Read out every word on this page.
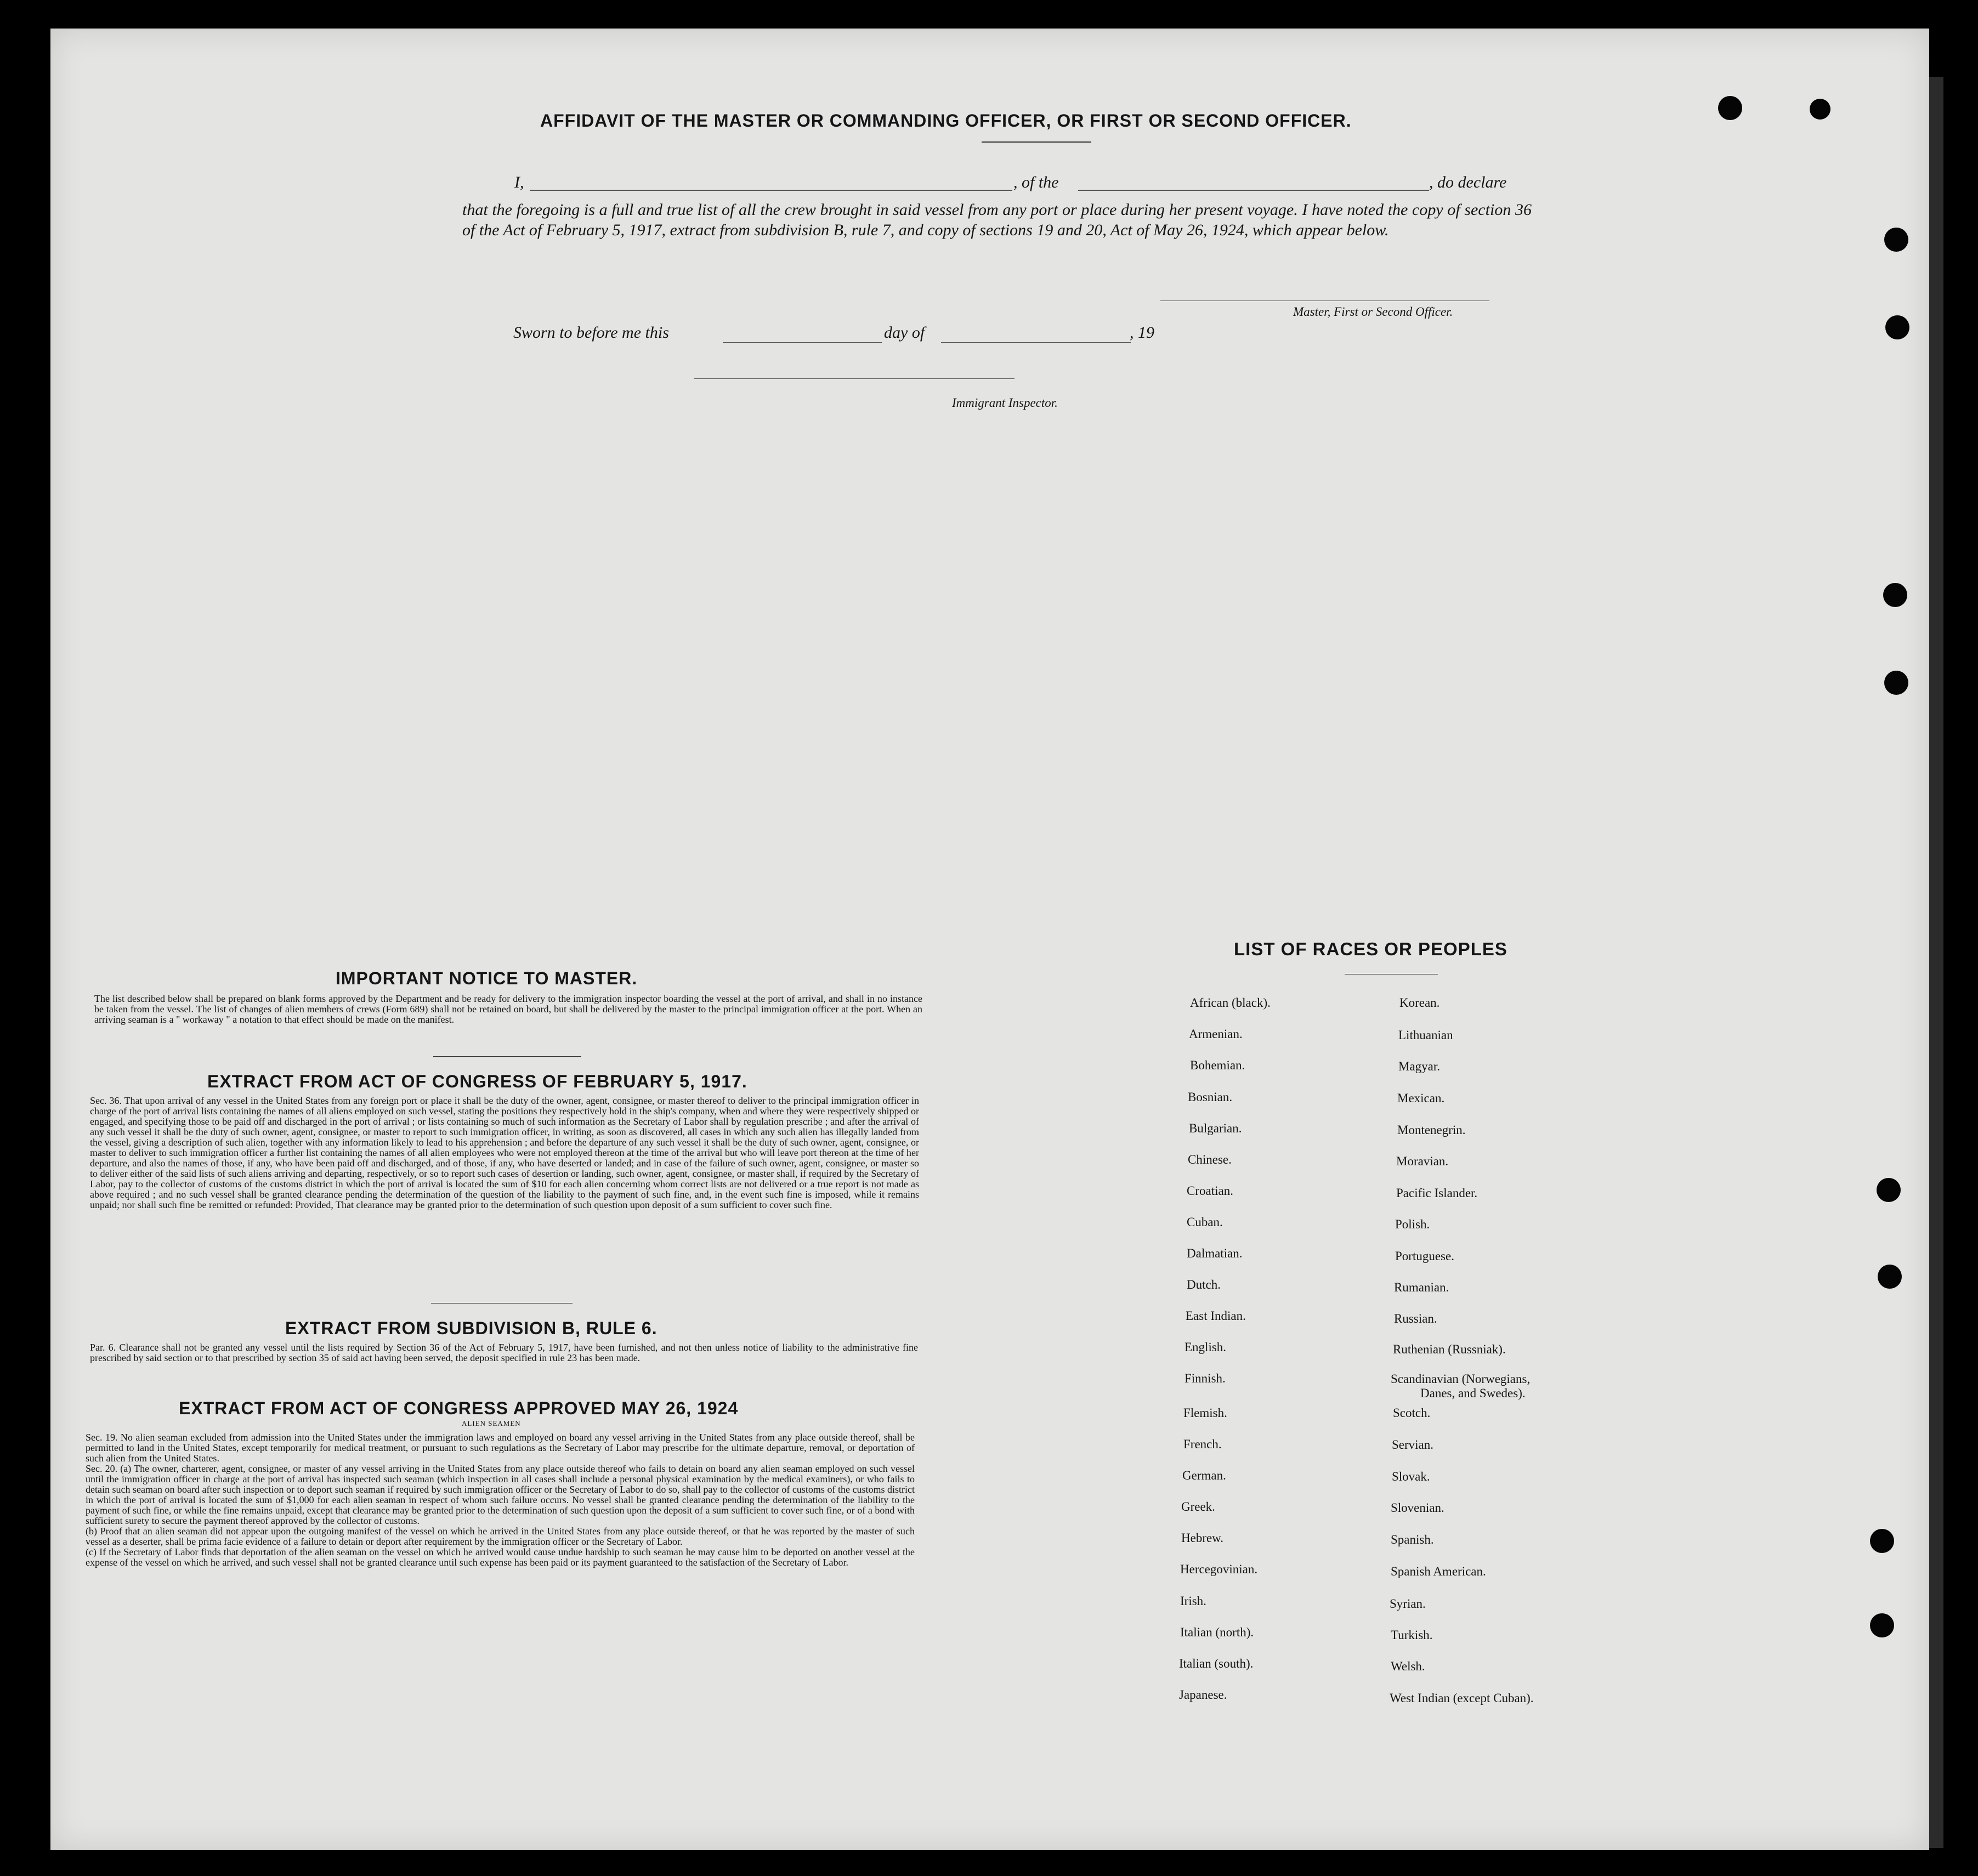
AFFIDAVIT OF THE MASTER OR COMMANDING OFFICER, OR FIRST OR SECOND OFFICER.
I,	, of the	, do declare
that the foregoing is a full and true list of all the crew brought in said vessel from any port or place during her present voyage. I have noted the copy of section 36 of the Act of February 5, 1917, extract from subdivision B, rule 7, and copy of sections 19 and 20, Act of May 26, 1924, which appear below.
Master, First or Second Officer.
Sworn to before me this	day of	, 19
Immigrant Inspector.
IMPORTANT NOTICE TO MASTER.
The list described below shall be prepared on blank forms approved by the Department and be ready for delivery to the immigration inspector boarding the vessel at the port of arrival, and shall in no instance be taken from the vessel. The list of changes of alien members of crews (Form 689) shall not be retained on board, but shall be delivered by the master to the principal immigration officer at the port. When an arriving seaman is a " workaway " a notation to that effect should be made on the manifest.
EXTRACT FROM ACT OF CONGRESS OF FEBRUARY 5, 1917.
Sec. 36. That upon arrival of any vessel in the United States from any foreign port or place it shall be the duty of the owner, agent, consignee, or master thereof to deliver to the principal immigration officer in charge of the port of arrival lists containing the names of all aliens employed on such vessel, stating the positions they respectively hold in the ship's company, when and where they were respectively shipped or engaged, and specifying those to be paid off and discharged in the port of arrival ; or lists containing so much of such information as the Secretary of Labor shall by regulation prescribe ; and after the arrival of any such vessel it shall be the duty of such owner, agent, consignee, or master to report to such immigration officer, in writing, as soon as discovered, all cases in which any such alien has illegally landed from the vessel, giving a description of such alien, together with any information likely to lead to his apprehension ; and before the departure of any such vessel it shall be the duty of such owner, agent, consignee, or master to deliver to such immigration officer a further list containing the names of all alien employees who were not employed thereon at the time of the arrival but who will leave port thereon at the time of her departure, and also the names of those, if any, who have been paid off and discharged, and of those, if any, who have deserted or landed; and in case of the failure of such owner, agent, consignee, or master so to deliver either of the said lists of such aliens arriving and departing, respectively, or so to report such cases of desertion or landing, such owner, agent, consignee, or master shall, if required by the Secretary of Labor, pay to the collector of customs of the customs district in which the port of arrival is located the sum of $10 for each alien concerning whom correct lists are not delivered or a true report is not made as above required ; and no such vessel shall be granted clearance pending the determination of the question of the liability to the payment of such fine, and, in the event such fine is imposed, while it remains unpaid; nor shall such fine be remitted or refunded: Provided, That clearance may be granted prior to the determination of such question upon deposit of a sum sufficient to cover such fine.
EXTRACT FROM SUBDIVISION B, RULE 6.
Par. 6. Clearance shall not be granted any vessel until the lists required by Section 36 of the Act of February 5, 1917, have been furnished, and not then unless notice of liability to the administrative fine prescribed by said section or to that prescribed by section 35 of said act having been served, the deposit specified in rule 23 has been made.
EXTRACT FROM ACT OF CONGRESS APPROVED MAY 26, 1924
ALIEN SEAMEN
Sec. 19. No alien seaman excluded from admission into the United States under the immigration laws and employed on board any vessel arriving in the United States from any place outside thereof, shall be permitted to land in the United States, except temporarily for medical treatment, or pursuant to such regulations as the Secretary of Labor may prescribe for the ultimate departure, removal, or deportation of such alien from the United States.
Sec. 20. (a) The owner, charterer, agent, consignee, or master of any vessel arriving in the United States from any place outside thereof who fails to detain on board any alien seaman employed on such vessel until the immigration officer in charge at the port of arrival has inspected such seaman (which inspection in all cases shall include a personal physical examination by the medical examiners), or who fails to detain such seaman on board after such inspection or to deport such seaman if required by such immigration officer or the Secretary of Labor to do so, shall pay to the collector of customs of the customs district in which the port of arrival is located the sum of $1,000 for each alien seaman in respect of whom such failure occurs. No vessel shall be granted clearance pending the determination of the liability to the payment of such fine, or while the fine remains unpaid, except that clearance may be granted prior to the determination of such question upon the deposit of a sum sufficient to cover such fine, or of a bond with sufficient surety to secure the payment thereof approved by the collector of customs.
(b) Proof that an alien seaman did not appear upon the outgoing manifest of the vessel on which he arrived in the United States from any place outside thereof, or that he was reported by the master of such vessel as a deserter, shall be prima facie evidence of a failure to detain or deport after requirement by the immigration officer or the Secretary of Labor.
(c) If the Secretary of Labor finds that deportation of the alien seaman on the vessel on which he arrived would cause undue hardship to such seaman he may cause him to be deported on another vessel at the expense of the vessel on which he arrived, and such vessel shall not be granted clearance until such expense has been paid or its payment guaranteed to the satisfaction of the Secretary of Labor.
LIST OF RACES OR PEOPLES
African (black).
Armenian.
Bohemian.
Bosnian.
Bulgarian.
Chinese.
Croatian.
Cuban.
Dalmatian.
Dutch.
East Indian.
English.
Finnish.
Flemish.
French.
German.
Greek.
Hebrew.
Hercegovinian.
Irish.
Italian (north).
Italian (south).
Japanese.
Korean.
Lithuanian
Magyar.
Mexican.
Montenegrin.
Moravian.
Pacific Islander.
Polish.
Portuguese.
Rumanian.
Russian.
Ruthenian (Russniak).
Scandinavian (Norwegians,
Danes, and Swedes).
Scotch.
Servian.
Slovak.
Slovenian.
Spanish.
Spanish American.
Syrian.
Turkish.
Welsh.
West Indian (except Cuban).
